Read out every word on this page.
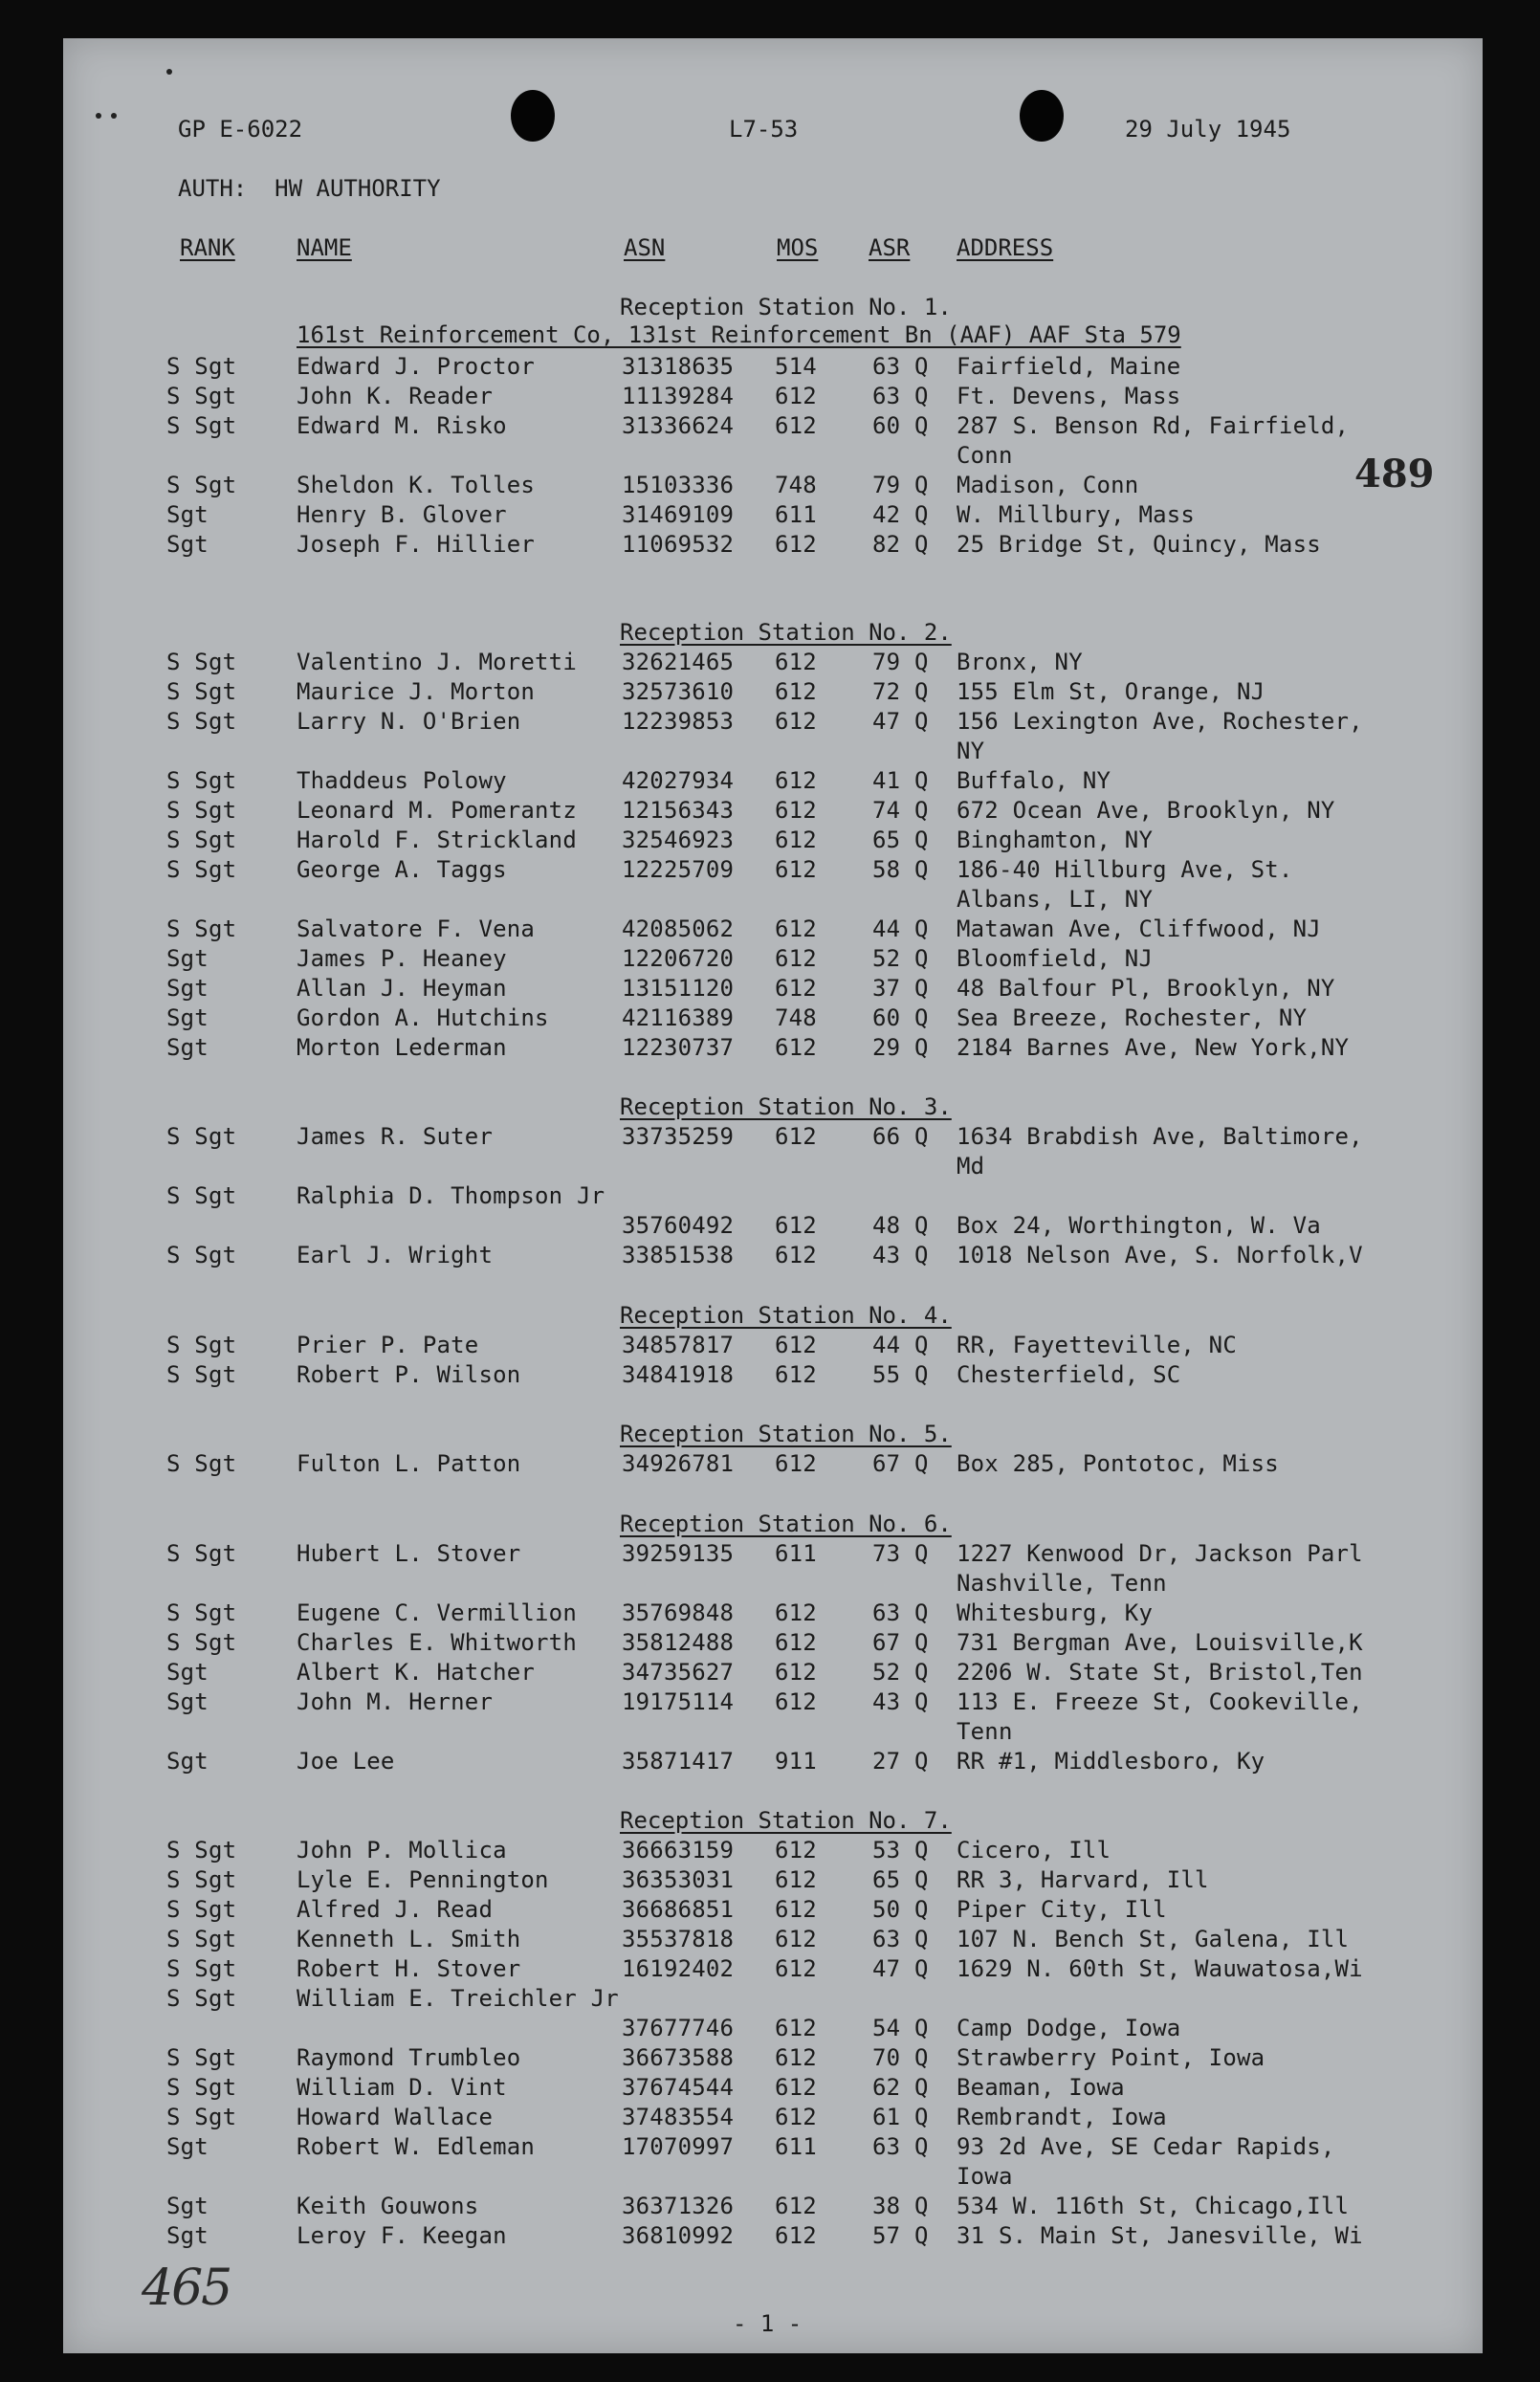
GP E-6022	L7-53	29 July 1945
AUTH:  HW AUTHORITY
RANK	NAME	ASN	MOS ASR ADDRESS
489
465
- 1 -
Reception Station No. 1.
161st Reinforcement Co, 131st Reinforcement Bn (AAF) AAF Sta 579
S Sgt	Edward J. Proctor	31318635 514 63 Q Fairfield, Maine
S Sgt	John K. Reader	11139284 612 63 Q Ft. Devens, Mass
S Sgt	Edward M. Risko	31336624 612 60 Q 287 S. Benson Rd, Fairfield,
Conn
S Sgt	Sheldon K. Tolles	15103336 748 79 Q Madison, Conn
Sgt	Henry B. Glover	31469109 611 42 Q W. Millbury, Mass
Sgt	Joseph F. Hillier	11069532 612 82 Q 25 Bridge St, Quincy, Mass
Reception Station No. 2.
S Sgt	Valentino J. Moretti 32621465 612 79 Q Bronx, NY
S Sgt	Maurice J. Morton	32573610 612 72 Q 155 Elm St, Orange, NJ
S Sgt	Larry N. O'Brien	12239853 612 47 Q 156 Lexington Ave, Rochester,
NY
S Sgt	Thaddeus Polowy	42027934 612 41 Q Buffalo, NY
S Sgt	Leonard M. Pomerantz 12156343 612 74 Q 672 Ocean Ave, Brooklyn, NY
S Sgt	Harold F. Strickland 32546923 612 65 Q Binghamton, NY
S Sgt	George A. Taggs	12225709 612 58 Q 186-40 Hillburg Ave, St.
Albans, LI, NY
S Sgt	Salvatore F. Vena	42085062 612 44 Q Matawan Ave, Cliffwood, NJ
Sgt	James P. Heaney	12206720 612 52 Q Bloomfield, NJ
Sgt	Allan J. Heyman	13151120 612 37 Q 48 Balfour Pl, Brooklyn, NY
Sgt	Gordon A. Hutchins	42116389 748 60 Q Sea Breeze, Rochester, NY
Sgt	Morton Lederman	12230737 612 29 Q 2184 Barnes Ave, New York,NY
Reception Station No. 3.
S Sgt	James R. Suter	33735259 612 66 Q 1634 Brabdish Ave, Baltimore,
Md
S Sgt	Ralphia D. Thompson Jr
35760492 612 48 Q Box 24, Worthington, W. Va
S Sgt	Earl J. Wright	33851538 612 43 Q 1018 Nelson Ave, S. Norfolk,V
Reception Station No. 4.
S Sgt	Prier P. Pate	34857817 612 44 Q RR, Fayetteville, NC
S Sgt	Robert P. Wilson	34841918 612 55 Q Chesterfield, SC
Reception Station No. 5.
S Sgt	Fulton L. Patton	34926781 612 67 Q Box 285, Pontotoc, Miss
Reception Station No. 6.
S Sgt	Hubert L. Stover	39259135 611 73 Q 1227 Kenwood Dr, Jackson Parl
Nashville, Tenn
S Sgt	Eugene C. Vermillion 35769848 612 63 Q Whitesburg, Ky
S Sgt	Charles E. Whitworth 35812488 612 67 Q 731 Bergman Ave, Louisville,K
Sgt	Albert K. Hatcher	34735627 612 52 Q 2206 W. State St, Bristol,Ten
Sgt	John M. Herner	19175114 612 43 Q 113 E. Freeze St, Cookeville,
Tenn
Sgt	Joe Lee	35871417 911 27 Q RR #1, Middlesboro, Ky
Reception Station No. 7.
S Sgt	John P. Mollica	36663159 612 53 Q Cicero, Ill
S Sgt	Lyle E. Pennington	36353031 612 65 Q RR 3, Harvard, Ill
S Sgt	Alfred J. Read	36686851 612 50 Q Piper City, Ill
S Sgt	Kenneth L. Smith	35537818 612 63 Q 107 N. Bench St, Galena, Ill
S Sgt	Robert H. Stover	16192402 612 47 Q 1629 N. 60th St, Wauwatosa,Wi
S Sgt	William E. Treichler Jr
37677746 612 54 Q Camp Dodge, Iowa
S Sgt	Raymond Trumbleo	36673588 612 70 Q Strawberry Point, Iowa
S Sgt	William D. Vint	37674544 612 62 Q Beaman, Iowa
S Sgt	Howard Wallace	37483554 612 61 Q Rembrandt, Iowa
Sgt	Robert W. Edleman	17070997 611 63 Q 93 2d Ave, SE Cedar Rapids,
Iowa
Sgt	Keith Gouwons	36371326 612 38 Q 534 W. 116th St, Chicago,Ill
Sgt	Leroy F. Keegan	36810992 612 57 Q 31 S. Main St, Janesville, Wi
